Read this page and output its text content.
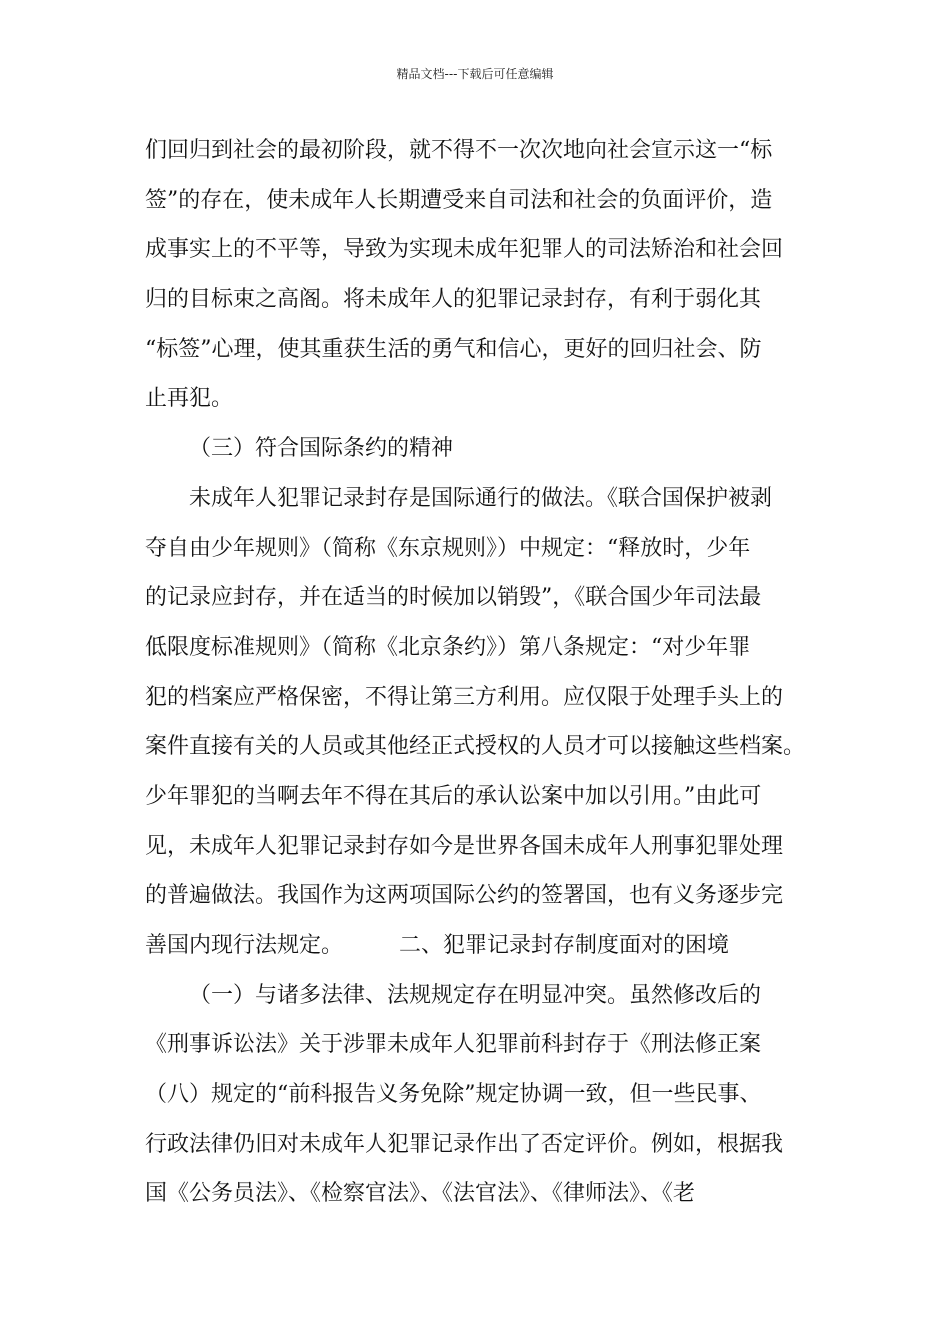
精品文档---下载后可任意编辑
们回归到社会的最初阶段，就不得不一次次地向社会宣示这一“标
签”的存在，使未成年人长期遭受来自司法和社会的负面评价，造
成事实上的不平等，导致为实现未成年犯罪人的司法矫治和社会回
归的目标束之高阁。将未成年人的犯罪记录封存，有利于弱化其
“标签”心理，使其重获生活的勇气和信心，更好的回归社会、防
止再犯。
（三）符合国际条约的精神
未成年人犯罪记录封存是国际通行的做法。《联合国保护被剥
夺自由少年规则》（简称《东京规则》）中规定：“释放时，少年
的记录应封存，并在适当的时候加以销毁”，《联合国少年司法最
低限度标准规则》（简称《北京条约》）第八条规定：“对少年罪
犯的档案应严格保密，不得让第三方利用。应仅限于处理手头上的
案件直接有关的人员或其他经正式授权的人员才可以接触这些档案。
少年罪犯的当啊去年不得在其后的承认讼案中加以引用。”由此可
见，未成年人犯罪记录封存如今是世界各国未成年人刑事犯罪处理
的普遍做法。我国作为这两项国际公约的签署国，也有义务逐步完
善国内现行法规定。        二、犯罪记录封存制度面对的困境
（一）与诸多法律、法规规定存在明显冲突。虽然修改后的
《刑事诉讼法》关于涉罪未成年人犯罪前科封存于《刑法修正案
（八）规定的“前科报告义务免除”规定协调一致，但一些民事、
行政法律仍旧对未成年人犯罪记录作出了否定评价。例如，根据我
国《公务员法》、《检察官法》、《法官法》、《律师法》、《老
